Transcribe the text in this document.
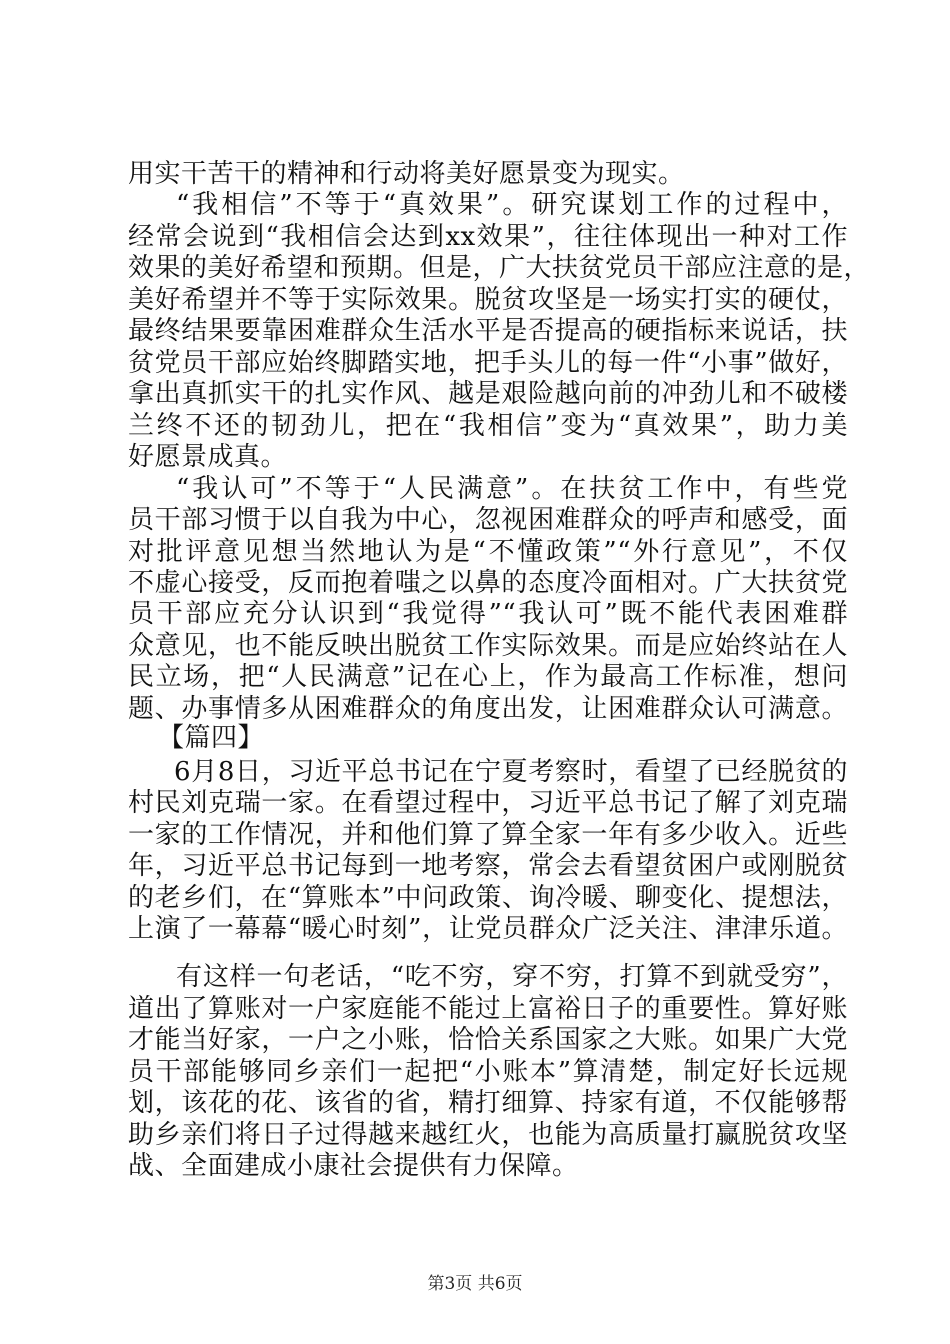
用实干苦干的精神和行动将美好愿景变为现实。
“我相信”不等于“真效果”。研究谋划工作的过程中，
经常会说到“我相信会达到xx效果”，往往体现出一种对工作
效果的美好希望和预期。但是，广大扶贫党员干部应注意的是，
美好希望并不等于实际效果。脱贫攻坚是一场实打实的硬仗，
最终结果要靠困难群众生活水平是否提高的硬指标来说话，扶
贫党员干部应始终脚踏实地，把手头儿的每一件“小事”做好，
拿出真抓实干的扎实作风、越是艰险越向前的冲劲儿和不破楼
兰终不还的韧劲儿，把在“我相信”变为“真效果”，助力美
好愿景成真。
“我认可”不等于“人民满意”。在扶贫工作中，有些党
员干部习惯于以自我为中心，忽视困难群众的呼声和感受，面
对批评意见想当然地认为是“不懂政策”“外行意见”，不仅
不虚心接受，反而抱着嗤之以鼻的态度冷面相对。广大扶贫党
员干部应充分认识到“我觉得”“我认可”既不能代表困难群
众意见，也不能反映出脱贫工作实际效果。而是应始终站在人
民立场，把“人民满意”记在心上，作为最高工作标准，想问
题、办事情多从困难群众的角度出发，让困难群众认可满意。
【篇四】
6月8日，习近平总书记在宁夏考察时，看望了已经脱贫的
村民刘克瑞一家。在看望过程中，习近平总书记了解了刘克瑞
一家的工作情况，并和他们算了算全家一年有多少收入。近些
年，习近平总书记每到一地考察，常会去看望贫困户或刚脱贫
的老乡们，在“算账本”中问政策、询冷暖、聊变化、提想法，
上演了一幕幕“暖心时刻”，让党员群众广泛关注、津津乐道。
有这样一句老话，“吃不穷，穿不穷，打算不到就受穷”，
道出了算账对一户家庭能不能过上富裕日子的重要性。算好账
才能当好家，一户之小账，恰恰关系国家之大账。如果广大党
员干部能够同乡亲们一起把“小账本”算清楚，制定好长远规
划，该花的花、该省的省，精打细算、持家有道，不仅能够帮
助乡亲们将日子过得越来越红火，也能为高质量打赢脱贫攻坚
战、全面建成小康社会提供有力保障。
第3页 共6页
